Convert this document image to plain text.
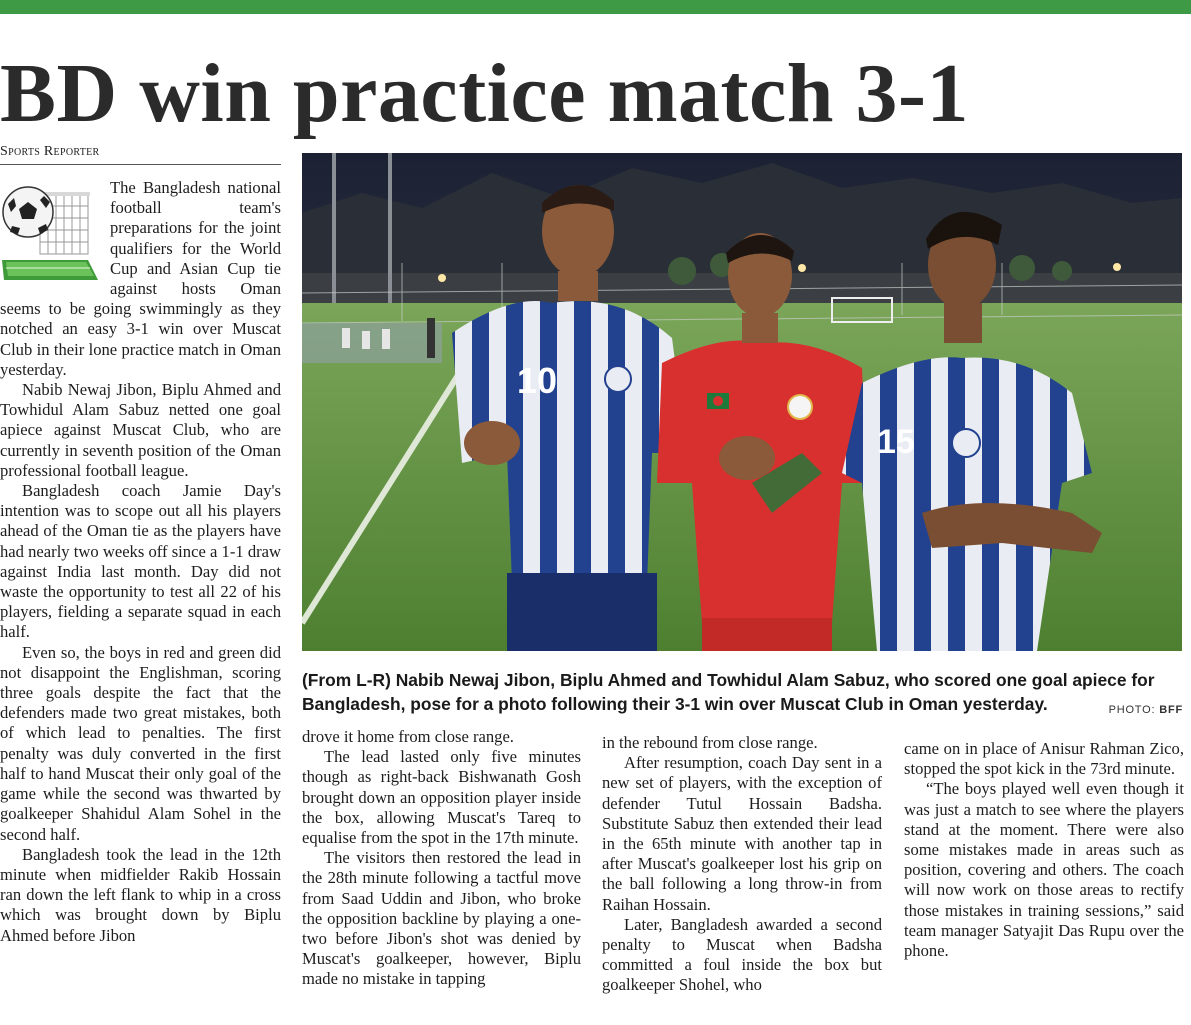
BD win practice match 3-1
Sports Reporter

The Bangladesh national football team's preparations for the joint qualifiers for the World Cup and Asian Cup tie against hosts Oman seems to be going swimmingly as they notched an easy 3-1 win over Muscat Club in their lone practice match in Oman yesterday.

Nabib Newaj Jibon, Biplu Ahmed and Towhidul Alam Sabuz netted one goal apiece against Muscat Club, who are currently in seventh position of the Oman professional football league.

Bangladesh coach Jamie Day's intention was to scope out all his players ahead of the Oman tie as the players have had nearly two weeks off since a 1-1 draw against India last month. Day did not waste the opportunity to test all 22 of his players, fielding a separate squad in each half.

Even so, the boys in red and green did not disappoint the Englishman, scoring three goals despite the fact that the defenders made two great mistakes, both of which lead to penalties. The first penalty was duly converted in the first half to hand Muscat their only goal of the game while the second was thwarted by goalkeeper Shahidul Alam Sohel in the second half.

Bangladesh took the lead in the 12th minute when midfielder Rakib Hossain ran down the left flank to whip in a cross which was brought down by Biplu Ahmed before Jibon

10
15
(From L-R) Nabib Newaj Jibon, Biplu Ahmed and Towhidul Alam Sabuz, who scored one goal apiece for Bangladesh, pose for a photo following their 3-1 win over Muscat Club in Oman yesterday.	PHOTO: BFF

drove it home from close range.

The lead lasted only five minutes though as right-back Bishwanath Gosh brought down an opposition player inside the box, allowing Muscat's Tareq to equalise from the spot in the 17th minute.

The visitors then restored the lead in the 28th minute following a tactful move from Saad Uddin and Jibon, who broke the opposition backline by playing a one-two before Jibon's shot was denied by Muscat's goalkeeper, however, Biplu made no mistake in tapping

in the rebound from close range.

After resumption, coach Day sent in a new set of players, with the exception of defender Tutul Hossain Badsha. Substitute Sabuz then extended their lead in the 65th minute with another tap in after Muscat's goalkeeper lost his grip on the ball following a long throw-in from Raihan Hossain.

Later, Bangladesh awarded a second penalty to Muscat when Badsha committed a foul inside the box but goalkeeper Shohel, who

came on in place of Anisur Rahman Zico, stopped the spot kick in the 73rd minute.

“The boys played well even though it was just a match to see where the players stand at the moment. There were also some mistakes made in areas such as position, covering and others. The coach will now work on those areas to rectify those mistakes in training sessions,” said team manager Satyajit Das Rupu over the phone.
